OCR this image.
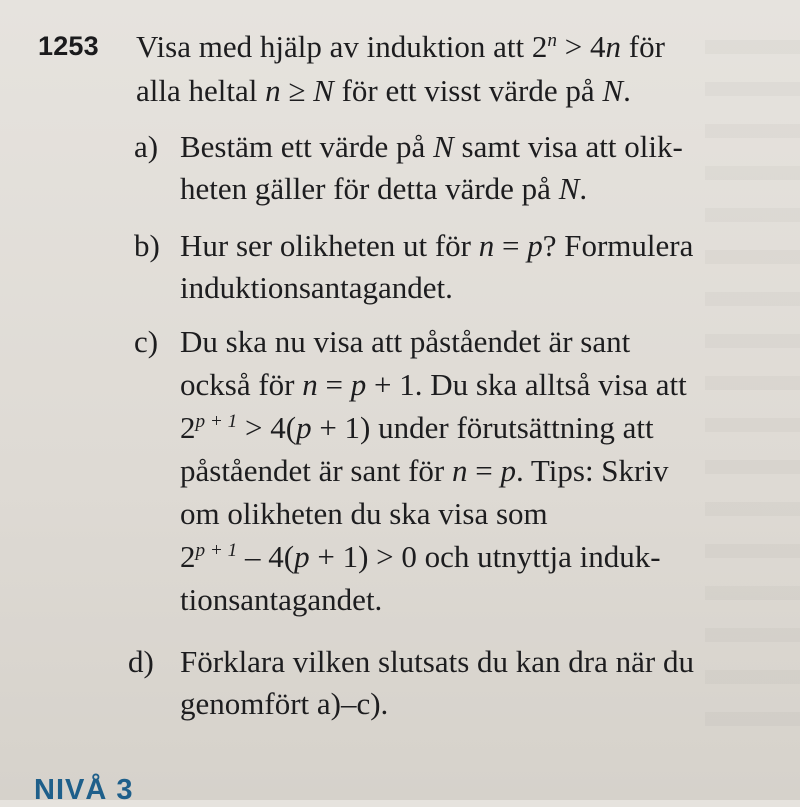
1253 Visa med hjälp av induktion att $2^n > 4n$ för
alla heltal n ≥ N för ett visst värde på N.
a) Bestäm ett värde på N samt visa att olik-
heten gäller för detta värde på N.
b) Hur ser olikheten ut för n = p? Formulera
induktionsantagandet.
c) Du ska nu visa att påståendet är sant
också för n = p + 1. Du ska alltså visa att
$2^{p + 1} > 4(p + 1)$ under förutsättning att
påståendet är sant för n = p. Tips: Skriv
om olikheten du ska visa som
$2^{p + 1} - 4(p + 1) > 0$ och utnyttja induk-
tionsantagandet.
d) Förklara vilken slutsats du kan dra när du
genomfört a)–c).
NIVÅ 3
